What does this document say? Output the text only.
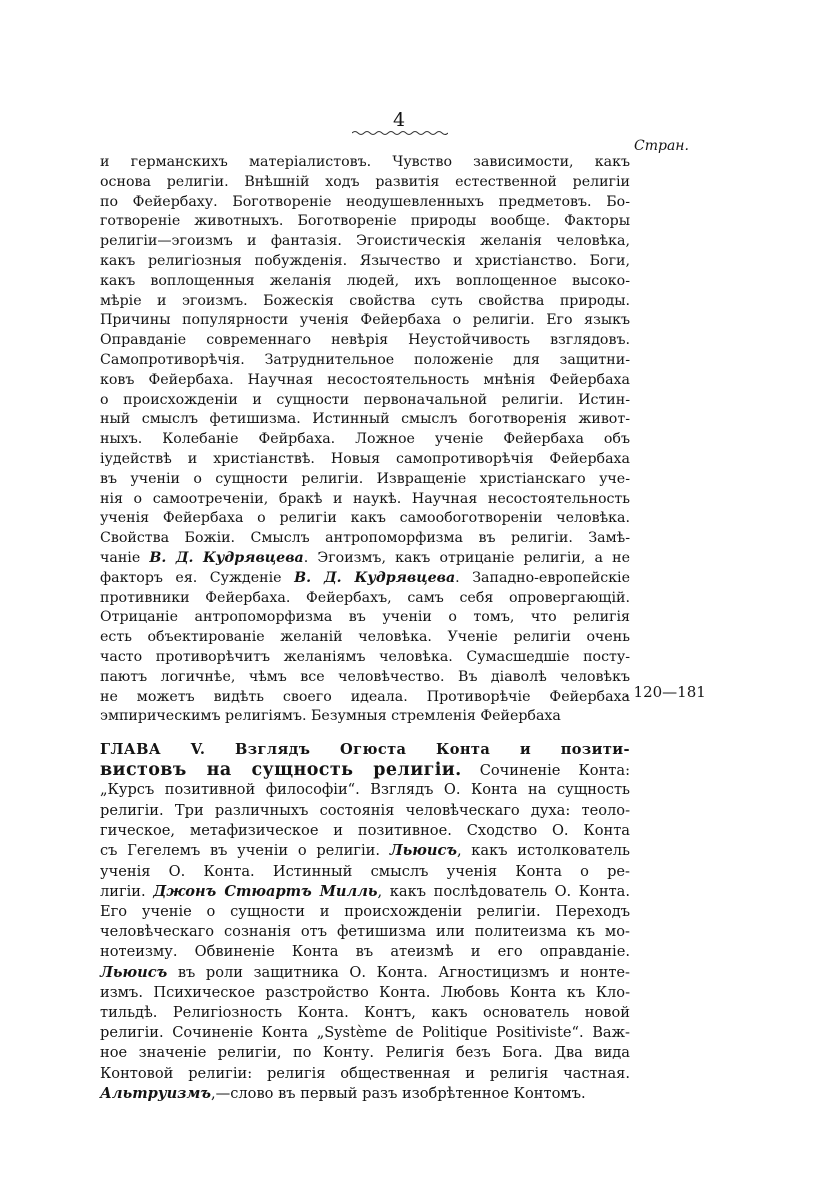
4
Стран.
и германскихъ матеріалистовъ. Чувство зависимости, какъ
основа религіи. Внѣшній ходъ развитія естественной религіи
по Фейербаху. Боготвореніе неодушевленныхъ предметовъ. Бо-
готвореніе животныхъ. Боготвореніе природы вообще. Факторы
религіи—эгоизмъ и фантазія. Эгоистическія желанія человѣка,
какъ религіозныя побужденія. Язычество и христіанство. Боги,
какъ воплощенныя желанія людей, ихъ воплощенное высоко-
мѣріе и эгоизмъ. Божескія свойства суть свойства природы.
Причины популярности ученія Фейербаха о религіи. Его языкъ
Оправданіе современнаго невѣрія Неустойчивость взглядовъ.
Самопротиворѣчія. Затруднительное положеніе для защитни-
ковъ Фейербаха. Научная несостоятельность мнѣнія Фейербаха
о происхожденіи и сущности первоначальной религіи. Истин-
ный смыслъ фетишизма. Истинный смыслъ боготворенія живот-
ныхъ. Колебаніе Фейрбаха. Ложное ученіе Фейербаха объ
іудействѣ и христіанствѣ. Новыя самопротиворѣчія Фейербаха
въ ученіи о сущности религіи. Извращеніе христіанскаго уче-
нія о самоотреченіи, бракѣ и наукѣ. Научная несостоятельность
ученія Фейербаха о религіи какъ самообоготвореніи человѣка.
Свойства Божіи. Смыслъ антропоморфизма въ религіи. Замѣ-
чаніе В. Д. Кудрявцева. Эгоизмъ, какъ отрицаніе религіи, а не
факторъ ея. Сужденіе В. Д. Кудрявцева. Западно-европейскіе
противники Фейербаха. Фейербахъ, самъ себя опровергающій.
Отрицаніе антропоморфизма въ ученіи о томъ, что религія
есть объектированіе желаній человѣка. Ученіе религіи очень
часто противорѣчитъ желаніямъ человѣка. Сумасшедшіе посту-
паютъ логичнѣе, чѣмъ все человѣчество. Въ діаволѣ человѣкъ
не можетъ видѣть своего идеала. Противорѣчіе Фейербаха
эмпирическимъ религіямъ. Безумныя стремленія Фейербаха
ГЛАВА V. Взглядъ Огюста Конта и позити-
вистовъ на сущность религіи. Сочиненіе Конта:
„Курсъ позитивной философіи“. Взглядъ О. Конта на сущность
религіи. Три различныхъ состоянія человѣческаго духа: теоло-
гическое, метафизическое и позитивное. Сходство О. Конта
съ Гегелемъ въ ученіи о религіи. Льюисъ, какъ истолкователь
ученія О. Конта. Истинный смыслъ ученія Конта о ре-
лигіи. Джонъ Стюартъ Милль, какъ послѣдователь О. Конта.
Его ученіе о сущности и происхожденіи религіи. Переходъ
человѣческаго сознанія отъ фетишизма или политеизма къ мо-
нотеизму. Обвиненіе Конта въ атеизмѣ и его оправданіе.
Льюисъ въ роли защитника О. Конта. Агностицизмъ и нонте-
измъ. Психическое разстройство Конта. Любовь Конта къ Кло-
тильдѣ. Религіозность Конта. Контъ, какъ основатель новой
религіи. Сочиненіе Конта „Système de Politique Positiviste“. Важ-
ное значеніе религіи, по Конту. Религія безъ Бога. Два вида
Контовой религіи: религія общественная и религія частная.
Альтруизмъ,—слово въ первый разъ изобрѣтенное Контомъ.
. 120—181
